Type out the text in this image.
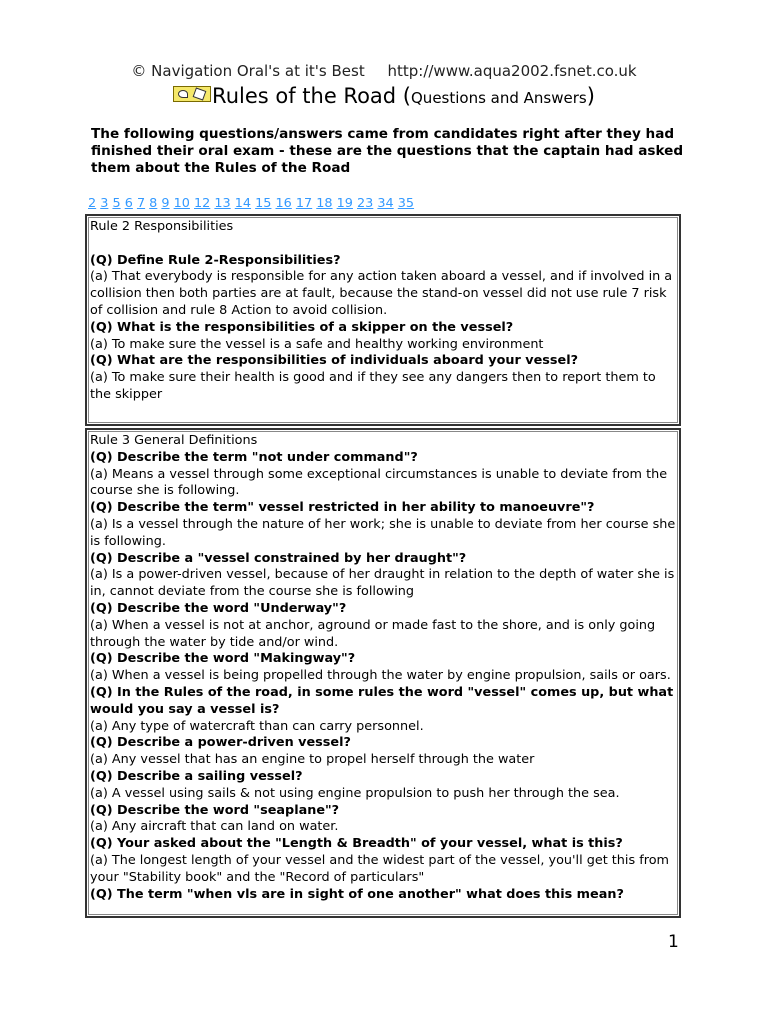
© Navigation Oral's at it's Best http://www.aqua2002.fsnet.co.uk
Rules of the Road (Questions and Answers)
The following questions/answers came from candidates right after they had finished their oral exam - these are the questions that the captain had asked them about the Rules of the Road
2 3 5 6 7 8 9 10 12 13 14 15 16 17 18 19 23 34 35

Rule 2 Responsibilities

(Q) Define Rule 2-Responsibilities?

(a) That everybody is responsible for any action taken aboard a vessel, and if involved in a collision then both parties are at fault, because the stand-on vessel did not use rule 7 risk of collision and rule 8 Action to avoid collision.

(Q) What is the responsibilities of a skipper on the vessel?

(a) To make sure the vessel is a safe and healthy working environment

(Q) What are the responsibilities of individuals aboard your vessel?

(a) To make sure their health is good and if they see any dangers then to report them to the skipper

Rule 3 General Definitions

(Q) Describe the term "not under command"?

(a) Means a vessel through some exceptional circumstances is unable to deviate from the course she is following.

(Q) Describe the term" vessel restricted in her ability to manoeuvre"?

(a) Is a vessel through the nature of her work; she is unable to deviate from her course she is following.

(Q) Describe a "vessel constrained by her draught"?

(a) Is a power-driven vessel, because of her draught in relation to the depth of water she is in, cannot deviate from the course she is following

(Q) Describe the word "Underway"?

(a) When a vessel is not at anchor, aground or made fast to the shore, and is only going through the water by tide and/or wind.

(Q) Describe the word "Makingway"?

(a) When a vessel is being propelled through the water by engine propulsion, sails or oars.

(Q) In the Rules of the road, in some rules the word "vessel" comes up, but what would you say a vessel is?

(a) Any type of watercraft than can carry personnel.

(Q) Describe a power-driven vessel?

(a) Any vessel that has an engine to propel herself through the water

(Q) Describe a sailing vessel?

(a) A vessel using sails & not using engine propulsion to push her through the sea.

(Q) Describe the word "seaplane"?

(a) Any aircraft that can land on water.

(Q) Your asked about the "Length & Breadth" of your vessel, what is this?

(a) The longest length of your vessel and the widest part of the vessel, you'll get this from your "Stability book" and the "Record of particulars"

(Q) The term "when vls are in sight of one another" what does this mean?

1
